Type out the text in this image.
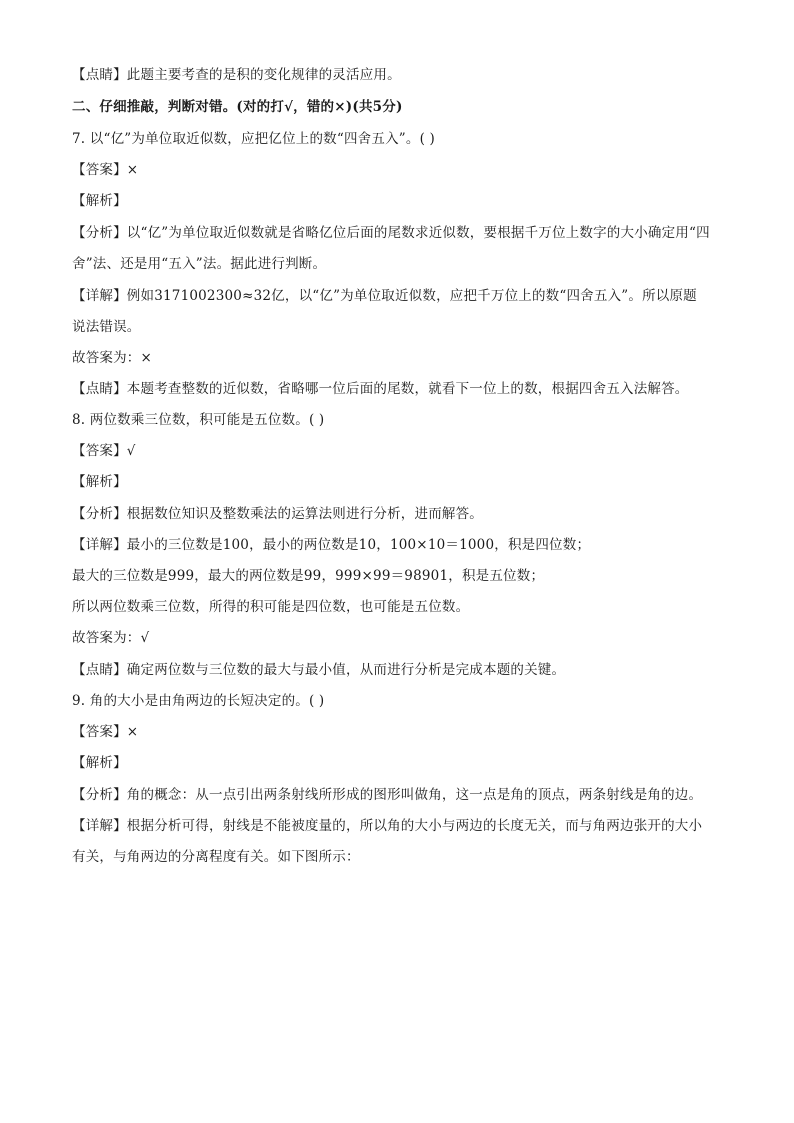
【点睛】此题主要考查的是积的变化规律的灵活应用。
二、仔细推敲，判断对错。(对的打√，错的×)(共5分)
7. 以“亿”为单位取近似数，应把亿位上的数“四舍五入”。( )
【答案】×
【解析】
【分析】以“亿”为单位取近似数就是省略亿位后面的尾数求近似数，要根据千万位上数字的大小确定用“四
舍”法、还是用“五入”法。据此进行判断。
【详解】例如3171002300≈32亿，以“亿”为单位取近似数，应把千万位上的数“四舍五入”。所以原题
说法错误。
故答案为：×
【点睛】本题考查整数的近似数，省略哪一位后面的尾数，就看下一位上的数，根据四舍五入法解答。
8. 两位数乘三位数，积可能是五位数。( )
【答案】√
【解析】
【分析】根据数位知识及整数乘法的运算法则进行分析，进而解答。
【详解】最小的三位数是100，最小的两位数是10，100×10＝1000，积是四位数；
最大的三位数是999，最大的两位数是99，999×99＝98901，积是五位数；
所以两位数乘三位数，所得的积可能是四位数，也可能是五位数。
故答案为：√
【点睛】确定两位数与三位数的最大与最小值，从而进行分析是完成本题的关键。
9. 角的大小是由角两边的长短决定的。( )
【答案】×
【解析】
【分析】角的概念：从一点引出两条射线所形成的图形叫做角，这一点是角的顶点，两条射线是角的边。
【详解】根据分析可得，射线是不能被度量的，所以角的大小与两边的长度无关，而与角两边张开的大小
有关，与角两边的分离程度有关。如下图所示：
